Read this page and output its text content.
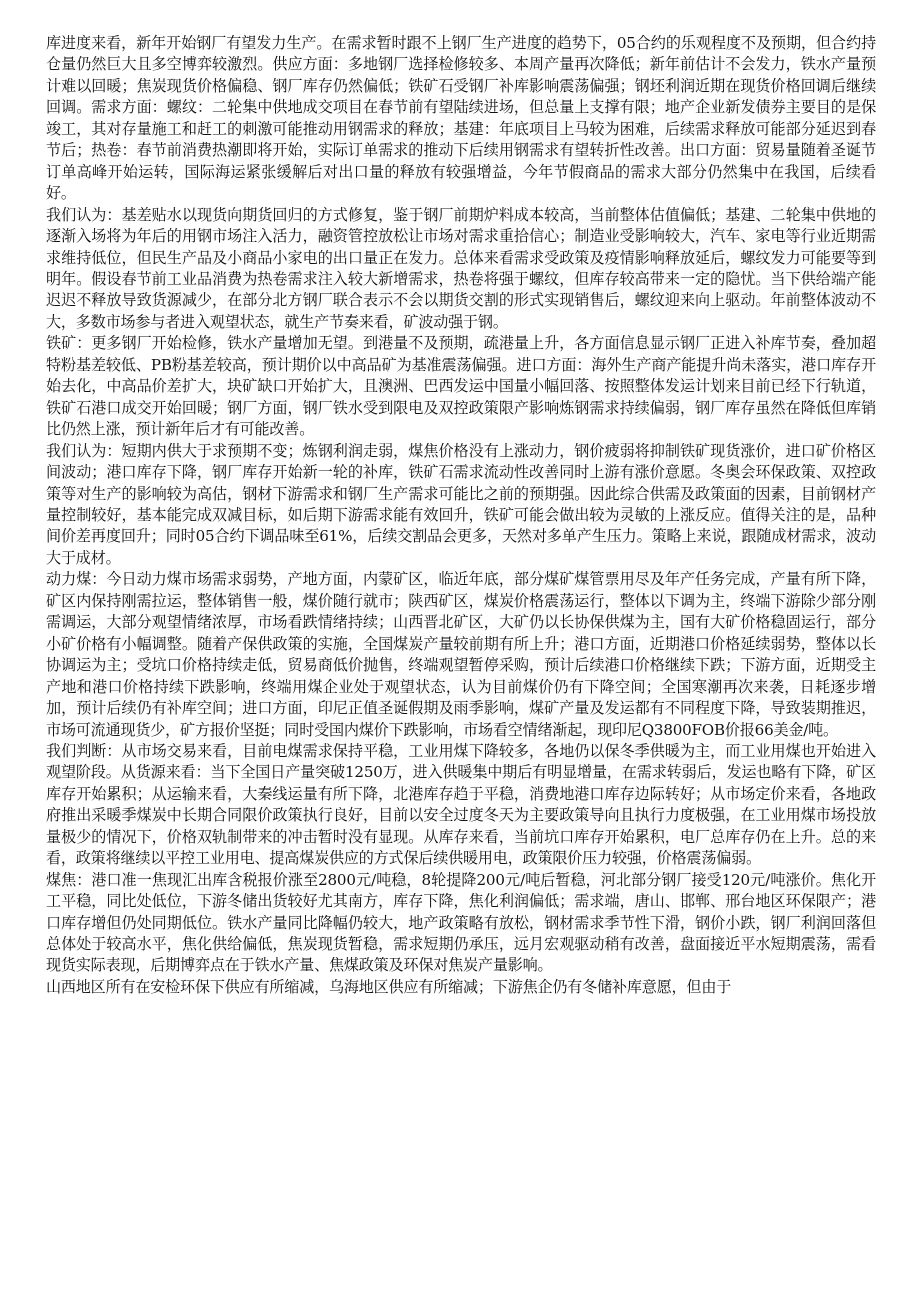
库进度来看，新年开始钢厂有望发力生产。在需求暂时跟不上钢厂生产进度的趋势下，05合约的乐观程度不及预期，但合约持仓量仍然巨大且多空博弈较激烈。供应方面：多地钢厂选择检修较多、本周产量再次降低；新年前估计不会发力，铁水产量预计难以回暖；焦炭现货价格偏稳、钢厂库存仍然偏低；铁矿石受钢厂补库影响震荡偏强；钢坯利润近期在现货价格回调后继续回调。需求方面：螺纹：二轮集中供地成交项目在春节前有望陆续进场，但总量上支撑有限；地产企业新发债券主要目的是保竣工，其对存量施工和赶工的刺激可能推动用钢需求的释放；基建：年底项目上马较为困难，后续需求释放可能部分延迟到春节后；热卷：春节前消费热潮即将开始，实际订单需求的推动下后续用钢需求有望转折性改善。出口方面：贸易量随着圣诞节订单高峰开始运转，国际海运紧张缓解后对出口量的释放有较强增益，今年节假商品的需求大部分仍然集中在我国，后续看好。

我们认为：基差贴水以现货向期货回归的方式修复，鉴于钢厂前期炉料成本较高，当前整体估值偏低；基建、二轮集中供地的逐渐入场将为年后的用钢市场注入活力，融资管控放松让市场对需求重拾信心；制造业受影响较大，汽车、家电等行业近期需求维持低位，但民生产品及小商品小家电的出口量正在发力。总体来看需求受政策及疫情影响释放延后，螺纹发力可能要等到明年。假设春节前工业品消费为热卷需求注入较大新增需求，热卷将强于螺纹，但库存较高带来一定的隐忧。当下供给端产能迟迟不释放导致货源减少，在部分北方钢厂联合表示不会以期货交割的形式实现销售后，螺纹迎来向上驱动。年前整体波动不大，多数市场参与者进入观望状态，就生产节奏来看，矿波动强于钢。

铁矿：更多钢厂开始检修，铁水产量增加无望。到港量不及预期，疏港量上升，各方面信息显示钢厂正进入补库节奏，叠加超特粉基差较低、PB粉基差较高，预计期价以中高品矿为基准震荡偏强。进口方面：海外生产商产能提升尚未落实，港口库存开始去化，中高品价差扩大，块矿缺口开始扩大，且澳洲、巴西发运中国量小幅回落、按照整体发运计划来目前已经下行轨道，铁矿石港口成交开始回暖；钢厂方面，钢厂铁水受到限电及双控政策限产影响炼钢需求持续偏弱，钢厂库存虽然在降低但库销比仍然上涨，预计新年后才有可能改善。

我们认为：短期内供大于求预期不变；炼钢利润走弱，煤焦价格没有上涨动力，钢价疲弱将抑制铁矿现货涨价，进口矿价格区间波动；港口库存下降，钢厂库存开始新一轮的补库，铁矿石需求流动性改善同时上游有涨价意愿。冬奥会环保政策、双控政策等对生产的影响较为高估，钢材下游需求和钢厂生产需求可能比之前的预期强。因此综合供需及政策面的因素，目前钢材产量控制较好，基本能完成双减目标，如后期下游需求能有效回升，铁矿可能会做出较为灵敏的上涨反应。值得关注的是，品种间价差再度回升；同时05合约下调品味至61%，后续交割品会更多，天然对多单产生压力。策略上来说，跟随成材需求，波动大于成材。

动力煤：今日动力煤市场需求弱势，产地方面，内蒙矿区，临近年底，部分煤矿煤管票用尽及年产任务完成，产量有所下降，矿区内保持刚需拉运，整体销售一般，煤价随行就市；陕西矿区，煤炭价格震荡运行，整体以下调为主，终端下游除少部分刚需调运，大部分观望情绪浓厚，市场看跌情绪持续；山西晋北矿区，大矿仍以长协保供煤为主，国有大矿价格稳固运行，部分小矿价格有小幅调整。随着产保供政策的实施，全国煤炭产量较前期有所上升；港口方面，近期港口价格延续弱势，整体以长协调运为主；受坑口价格持续走低，贸易商低价抛售，终端观望暂停采购，预计后续港口价格继续下跌；下游方面，近期受主产地和港口价格持续下跌影响，终端用煤企业处于观望状态，认为目前煤价仍有下降空间；全国寒潮再次来袭，日耗逐步增加，预计后续仍有补库空间；进口方面，印尼正值圣诞假期及雨季影响，煤矿产量及发运都有不同程度下降，导致装期推迟，市场可流通现货少，矿方报价坚挺；同时受国内煤价下跌影响，市场看空情绪渐起，现印尼Q3800FOB价报66美金/吨。

我们判断：从市场交易来看，目前电煤需求保持平稳，工业用煤下降较多，各地仍以保冬季供暖为主，而工业用煤也开始进入观望阶段。从货源来看：当下全国日产量突破1250万，进入供暖集中期后有明显增量，在需求转弱后，发运也略有下降，矿区库存开始累积；从运输来看，大秦线运量有所下降，北港库存趋于平稳，消费地港口库存边际转好；从市场定价来看，各地政府推出采暖季煤炭中长期合同限价政策执行良好，目前以安全过度冬天为主要政策导向且执行力度极强，在工业用煤市场投放量极少的情况下，价格双轨制带来的冲击暂时没有显现。从库存来看，当前坑口库存开始累积，电厂总库存仍在上升。总的来看，政策将继续以平控工业用电、提高煤炭供应的方式保后续供暖用电，政策限价压力较强，价格震荡偏弱。

煤焦：港口准一焦现汇出库含税报价涨至2800元/吨稳，8轮提降200元/吨后暂稳，河北部分钢厂接受120元/吨涨价。焦化开工平稳，同比处低位，下游冬储出货较好尤其南方，库存下降，焦化利润偏低；需求端，唐山、邯郸、邢台地区环保限产；港口库存增但仍处同期低位。铁水产量同比降幅仍较大，地产政策略有放松，钢材需求季节性下滑，钢价小跌，钢厂利润回落但总体处于较高水平，焦化供给偏低，焦炭现货暂稳，需求短期仍承压，远月宏观驱动稍有改善，盘面接近平水短期震荡，需看现货实际表现，后期博弈点在于铁水产量、焦煤政策及环保对焦炭产量影响。

山西地区所有在安检环保下供应有所缩减，乌海地区供应有所缩减；下游焦企仍有冬储补库意愿，但由于
